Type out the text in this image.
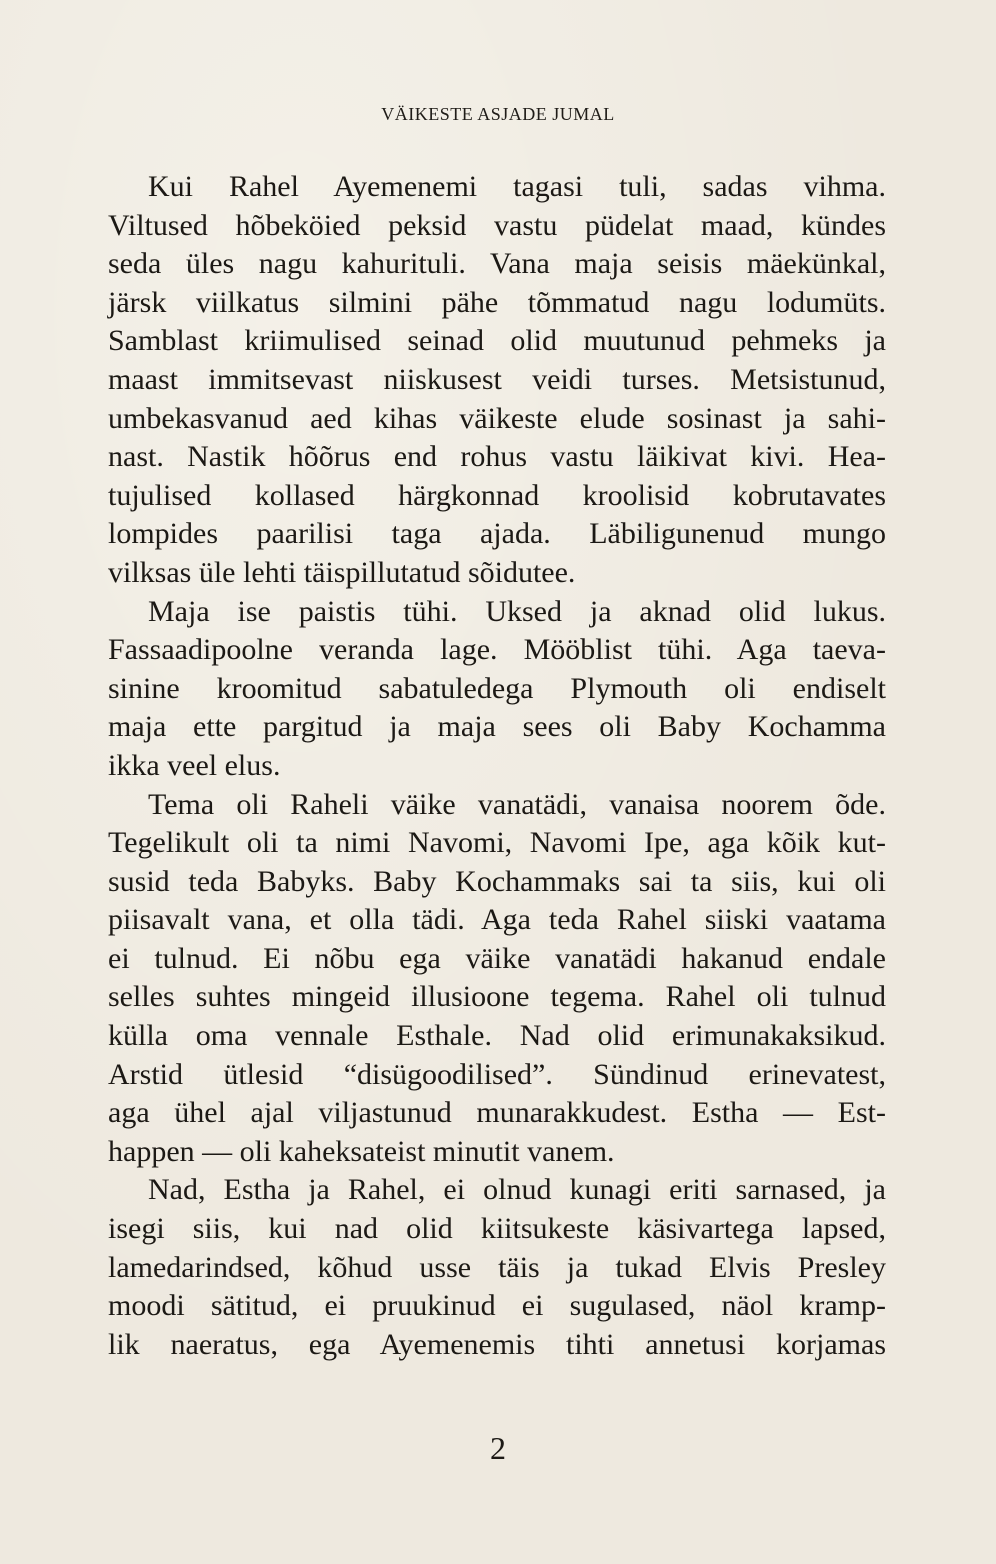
VÄIKESTE ASJADE JUMAL
Kui Rahel Ayemenemi tagasi tuli, sadas vihma.
Viltused hõbeköied peksid vastu püdelat maad, kündes
seda üles nagu kahurituli. Vana maja seisis mäekünkal,
järsk viilkatus silmini pähe tõmmatud nagu lodumüts.
Samblast kriimulised seinad olid muutunud pehmeks ja
maast immitsevast niiskusest veidi turses. Metsistunud,
umbekasvanud aed kihas väikeste elude sosinast ja sahi-
nast. Nastik hõõrus end rohus vastu läikivat kivi. Hea-
tujulised kollased härgkonnad kroolisid kobrutavates
lompides paarilisi taga ajada. Läbiligunenud mungo
vilksas üle lehti täispillutatud sõidutee.
Maja ise paistis tühi. Uksed ja aknad olid lukus.
Fassaadipoolne veranda lage. Mööblist tühi. Aga taeva-
sinine kroomitud sabatuledega Plymouth oli endiselt
maja ette pargitud ja maja sees oli Baby Kochamma
ikka veel elus.
Tema oli Raheli väike vanatädi, vanaisa noorem õde.
Tegelikult oli ta nimi Navomi, Navomi Ipe, aga kõik kut-
susid teda Babyks. Baby Kochammaks sai ta siis, kui oli
piisavalt vana, et olla tädi. Aga teda Rahel siiski vaatama
ei tulnud. Ei nõbu ega väike vanatädi hakanud endale
selles suhtes mingeid illusioone tegema. Rahel oli tulnud
külla oma vennale Esthale. Nad olid erimunakaksikud.
Arstid ütlesid “disügoodilised”. Sündinud erinevatest,
aga ühel ajal viljastunud munarakkudest. Estha — Est-
happen — oli kaheksateist minutit vanem.
Nad, Estha ja Rahel, ei olnud kunagi eriti sarnased, ja
isegi siis, kui nad olid kiitsukeste käsivartega lapsed,
lamedarindsed, kõhud usse täis ja tukad Elvis Presley
moodi sätitud, ei pruukinud ei sugulased, näol kramp-
lik naeratus, ega Ayemenemis tihti annetusi korjamas
2
